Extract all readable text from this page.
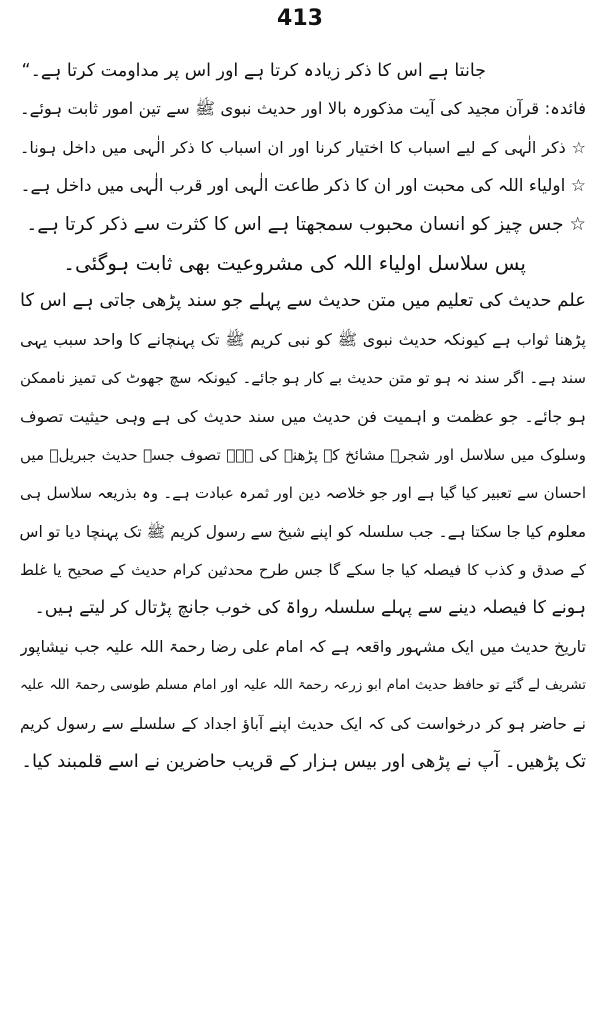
413
جانتا ہے اس کا ذکر زیادہ کرتا ہے اور اس پر مداومت کرتا ہے۔“
فائدہ: قرآن مجید کی آیت مذکورہ بالا اور حدیث نبوی ﷺ سے تین امور ثابت ہوئے۔
☆ ذکر الٰہی کے لیے اسباب کا اختیار کرنا اور ان اسباب کا ذکر الٰہی میں داخل ہونا۔
☆ اولیاء اللہ کی محبت اور ان کا ذکر طاعت الٰہی اور قرب الٰہی میں داخل ہے۔
☆ جس چیز کو انسان محبوب سمجھتا ہے اس کا کثرت سے ذکر کرتا ہے۔
پس سلاسل اولیاء اللہ کی مشروعیت بھی ثابت ہوگئی۔
علم حدیث کی تعلیم میں متن حدیث سے پہلے جو سند پڑھی جاتی ہے اس کا
پڑھنا ثواب ہے کیونکہ حدیث نبوی ﷺ کو نبی کریم ﷺ تک پہنچانے کا واحد سبب یہی
سند ہے۔ اگر سند نہ ہو تو متن حدیث بے کار ہو جائے۔ کیونکہ سچ جھوٹ کی تمیز ناممکن
ہو جائے۔ جو عظمت و اہمیت فن حدیث میں سند حدیث کی ہے وہی حیثیت تصوف
وسلوک میں سلاسل اور شجرہ مشائخ کے پڑھنے کی ہے۔ تصوف جسے حدیث جبریلؑ میں
احسان سے تعبیر کیا گیا ہے اور جو خلاصہ دین اور ثمرہ عبادت ہے۔ وہ بذریعہ سلاسل ہی
معلوم کیا جا سکتا ہے۔ جب سلسلہ کو اپنے شیخ سے رسول کریم ﷺ تک پہنچا دیا تو اس
کے صدق و کذب کا فیصلہ کیا جا سکے گا جس طرح محدثین کرام حدیث کے صحیح یا غلط
ہونے کا فیصلہ دینے سے پہلے سلسلہ رواۃ کی خوب جانچ پڑتال کر لیتے ہیں۔
تاریخ حدیث میں ایک مشہور واقعہ ہے کہ امام علی رضا رحمۃ اللہ علیہ جب نیشاپور
تشریف لے گئے تو حافظ حدیث امام ابو زرعہ رحمۃ اللہ علیہ اور امام مسلم طوسی رحمۃ اللہ علیہ
نے حاضر ہو کر درخواست کی کہ ایک حدیث اپنے آباؤ اجداد کے سلسلے سے رسول کریم
تک پڑھیں۔ آپ نے پڑھی اور بیس ہزار کے قریب حاضرین نے اسے قلمبند کیا۔
